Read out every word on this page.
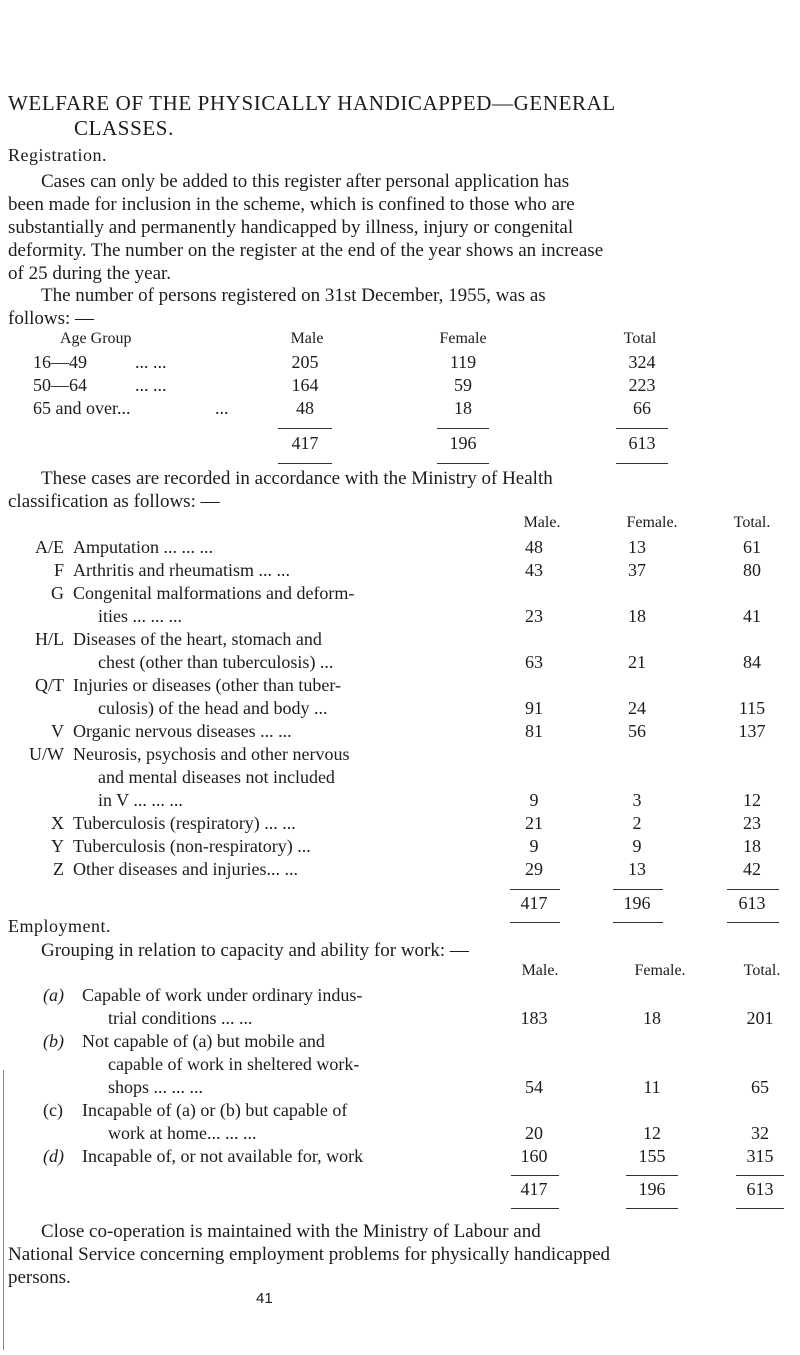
WELFARE OF THE PHYSICALLY HANDICAPPED—GENERAL
CLASSES.
Registration.
Cases can only be added to this register after personal application has
been made for inclusion in the scheme, which is confined to those who are
substantially and permanently handicapped by illness, injury or congenital
deformity. The number on the register at the end of the year shows an increase
of 25 during the year.
The number of persons registered on 31st December, 1955, was as
follows: —
Age Group	Male	Female	Total
16—49	... ...	205	119	324
50—64	... ...	164	59	223
65 and over...	...	48	18	66
417	196	613
These cases are recorded in accordance with the Ministry of Health
classification as follows: —
Male.	Female.	Total.
A/E Amputation ... ... ...	48	13	61
F Arthritis and rheumatism ... ...	43	37	80
G Congenital malformations and deform-
ities ... ... ...	23	18	41
H/L Diseases of the heart, stomach and
chest (other than tuberculosis) ...	63	21	84
Q/T Injuries or diseases (other than tuber-
culosis) of the head and body ...	91	24	115
V Organic nervous diseases ... ...	81	56	137
U/W Neurosis, psychosis and other nervous
and mental diseases not included
in V ... ... ...	9	3	12
X Tuberculosis (respiratory) ... ...	21	2	23
Y Tuberculosis (non-respiratory) ...	9	9	18
Z Other diseases and injuries... ...	29	13	42
417	196	613
Employment.
Grouping in relation to capacity and ability for work: —
Male.	Female.	Total.
(a) Capable of work under ordinary indus-
trial conditions ... ...	183	18	201
(b) Not capable of (a) but mobile and
capable of work in sheltered work-
shops ... ... ...	54	11	65
(c) Incapable of (a) or (b) but capable of
work at home... ... ...	20	12	32
(d) Incapable of, or not available for, work	160	155	315
417	196	613
Close co-operation is maintained with the Ministry of Labour and
National Service concerning employment problems for physically handicapped
persons.
41
